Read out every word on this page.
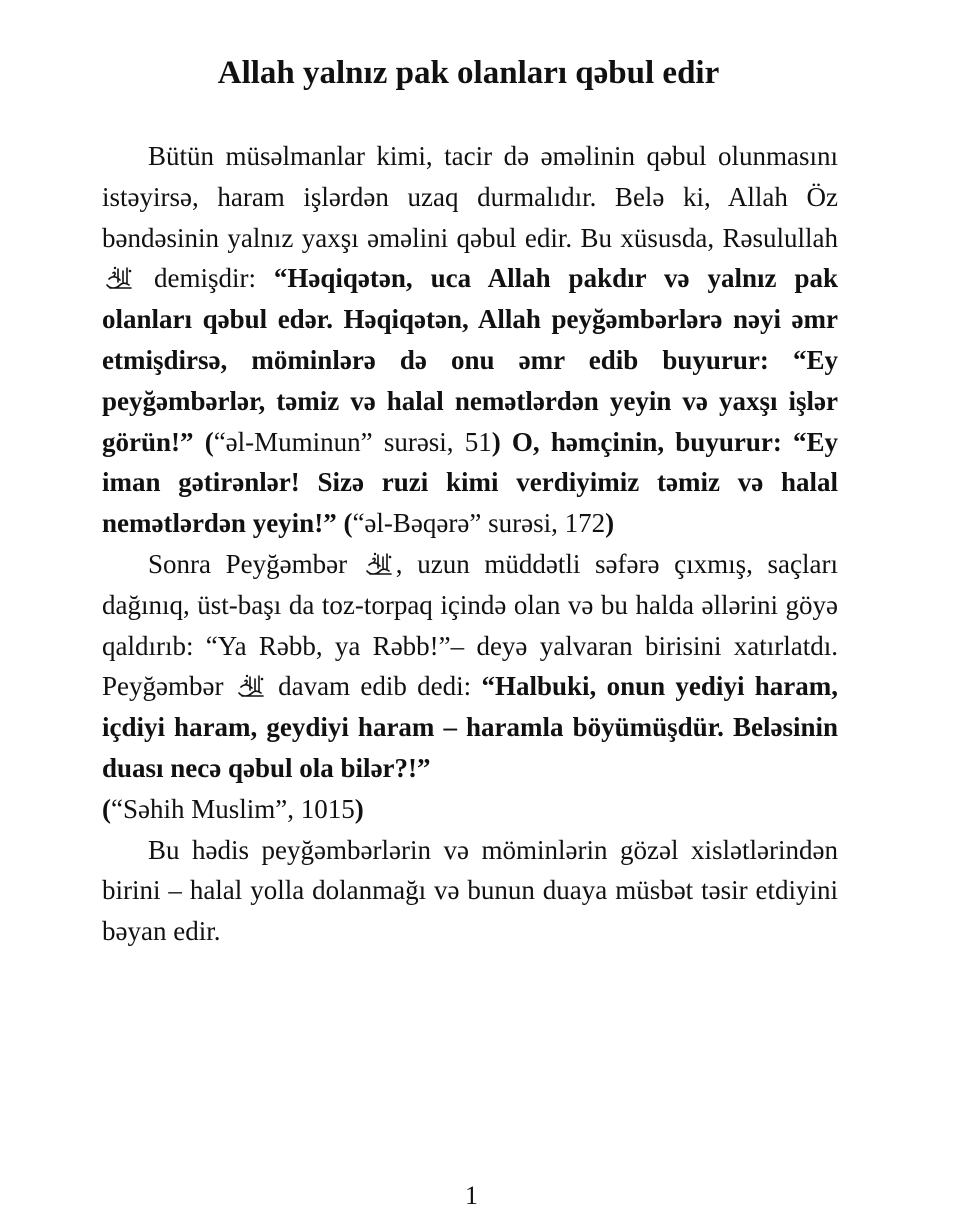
Allah yalnız pak olanları qəbul edir

Bütün müsəlmanlar kimi, tacir də əməlinin qəbul olunmasını istəyirsə, haram işlərdən uzaq durmalıdır. Belə ki, Allah Öz bəndəsinin yalnız yaxşı əməlini qəbul edir. Bu xüsusda, Rəsulullah  demişdir: “Həqiqətən, uca Allah pakdır və yalnız pak olanları qəbul edər. Həqiqətən, Allah peyğəmbərlərə nəyi əmr etmişdirsə, möminlərə də onu əmr edib buyurur: “Ey peyğəmbərlər, təmiz və halal nemətlərdən yeyin və yaxşı işlər görün!” (“əl-Muminun” surəsi, 51) O, həmçinin, buyurur: “Ey iman gətirənlər! Sizə ruzi kimi verdiyimiz təmiz və halal nemətlərdən yeyin!” (“əl-Bəqərə” surəsi, 172)

Sonra Peyğəmbər , uzun müddətli səfərə çıxmış, saçları dağınıq, üst-başı da toz-torpaq içində olan və bu halda əllərini göyə qaldırıb: “Ya Rəbb, ya Rəbb!”– deyə yalvaran birisini xatırlatdı. Peyğəmbər  davam edib dedi: “Halbuki, onun yediyi haram, içdiyi haram, geydiyi haram – haramla böyümüşdür. Beləsinin duası necə qəbul ola bilər?!”
(“Səhih Muslim”, 1015)

Bu hədis peyğəmbərlərin və möminlərin gözəl xislətlərindən birini – halal yolla dolanmağı və bunun duaya müsbət təsir etdiyini bəyan edir.

1
